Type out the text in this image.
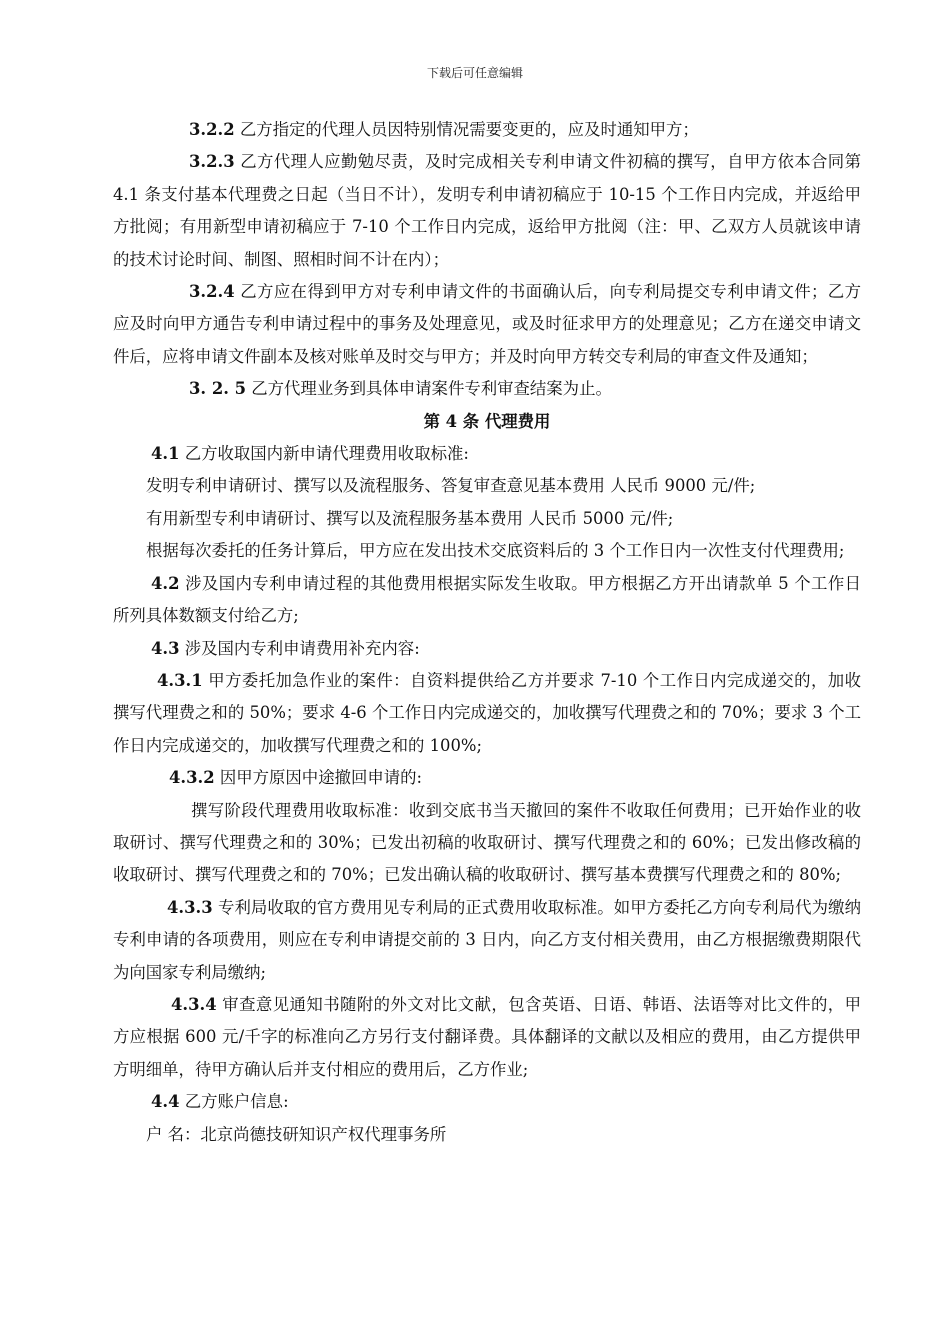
下载后可任意编辑

3.2.2 乙方指定的代理人员因特别情况需要变更的，应及时通知甲方；

3.2.3 乙方代理人应勤勉尽责，及时完成相关专利申请文件初稿的撰写，自甲方依本合同第 4.1 条支付基本代理费之日起（当日不计），发明专利申请初稿应于 10-15 个工作日内完成，并返给甲方批阅；有用新型申请初稿应于 7-10 个工作日内完成，返给甲方批阅（注：甲、乙双方人员就该申请的技术讨论时间、制图、照相时间不计在内）；

3.2.4 乙方应在得到甲方对专利申请文件的书面确认后，向专利局提交专利申请文件；乙方应及时向甲方通告专利申请过程中的事务及处理意见，或及时征求甲方的处理意见；乙方在递交申请文件后，应将申请文件副本及核对账单及时交与甲方；并及时向甲方转交专利局的审查文件及通知；

3. 2. 5 乙方代理业务到具体申请案件专利审查结案为止。

第 4 条 代理费用

4.1 乙方收取国内新申请代理费用收取标准:

发明专利申请研讨、撰写以及流程服务、答复审查意见基本费用 人民币 9000 元/件;

有用新型专利申请研讨、撰写以及流程服务基本费用 人民币 5000 元/件;

根据每次委托的任务计算后，甲方应在发出技术交底资料后的 3 个工作日内一次性支付代理费用;

4.2 涉及国内专利申请过程的其他费用根据实际发生收取。甲方根据乙方开出请款单 5 个工作日所列具体数额支付给乙方;

4.3 涉及国内专利申请费用补充内容:

4.3.1 甲方委托加急作业的案件：自资料提供给乙方并要求 7-10 个工作日内完成递交的，加收撰写代理费之和的 50%；要求 4-6 个工作日内完成递交的，加收撰写代理费之和的 70%；要求 3 个工作日内完成递交的，加收撰写代理费之和的 100%;

4.3.2 因甲方原因中途撤回申请的:

撰写阶段代理费用收取标准：收到交底书当天撤回的案件不收取任何费用；已开始作业的收取研讨、撰写代理费之和的 30%；已发出初稿的收取研讨、撰写代理费之和的 60%；已发出修改稿的收取研讨、撰写代理费之和的 70%；已发出确认稿的收取研讨、撰写基本费撰写代理费之和的 80%;

4.3.3 专利局收取的官方费用见专利局的正式费用收取标准。如甲方委托乙方向专利局代为缴纳专利申请的各项费用，则应在专利申请提交前的 3 日内，向乙方支付相关费用，由乙方根据缴费期限代为向国家专利局缴纳;

4.3.4 审查意见通知书随附的外文对比文献，包含英语、日语、韩语、法语等对比文件的，甲方应根据 600 元/千字的标准向乙方另行支付翻译费。具体翻译的文献以及相应的费用，由乙方提供甲方明细单，待甲方确认后并支付相应的费用后，乙方作业;

4.4 乙方账户信息:

户 名：北京尚德技研知识产权代理事务所
